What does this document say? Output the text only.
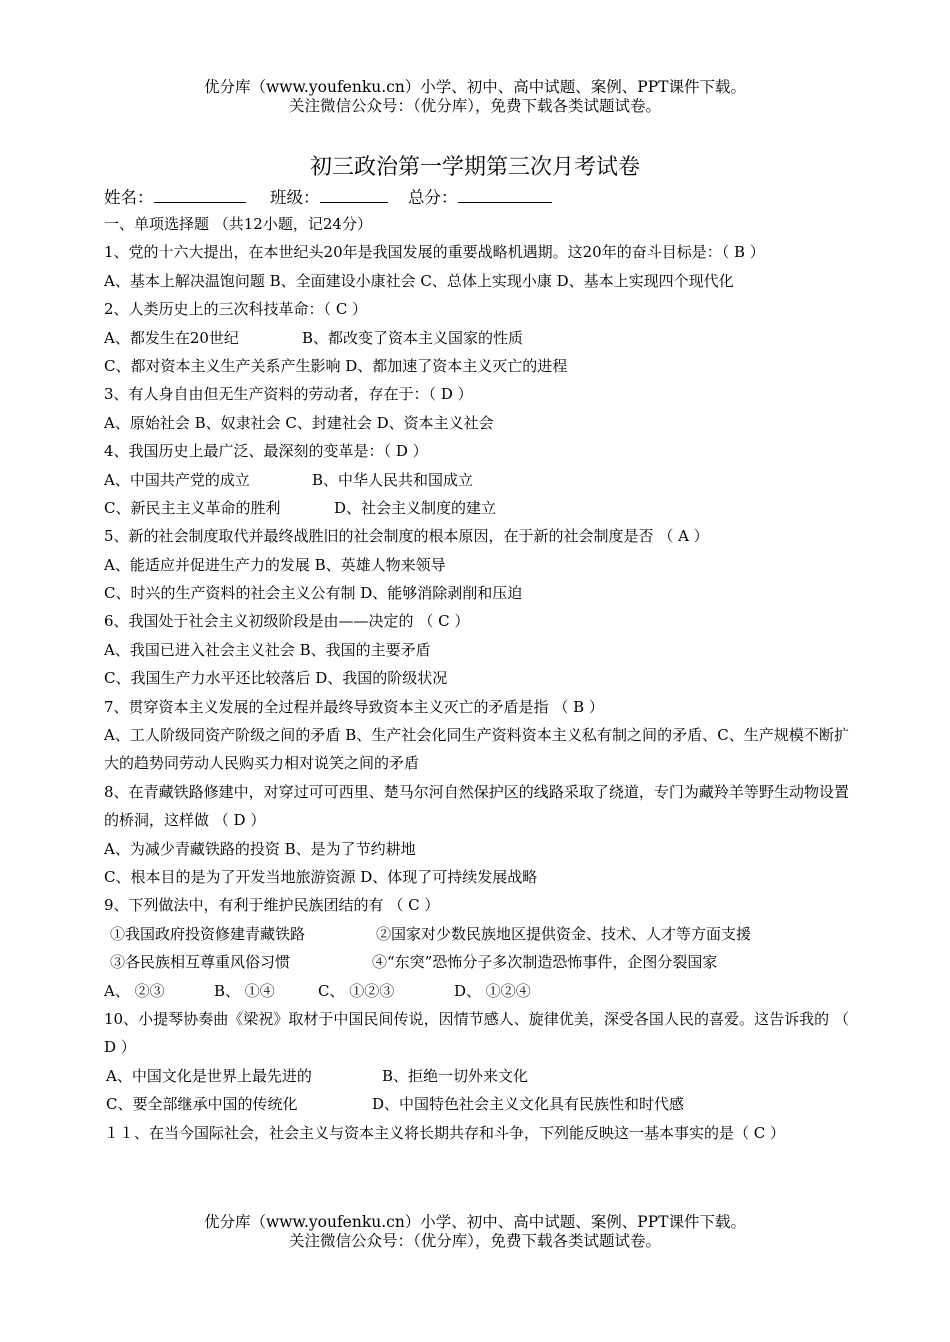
优分库（www.youfenku.cn）小学、初中、高中试题、案例、PPT课件下载。
关注微信公众号：（优分库），免费下载各类试题试卷。
初三政治第一学期第三次月考试卷
姓名：	班级：	总分：
一、单项选择题 （共12小题，记24分）
1、党的十六大提出，在本世纪头20年是我国发展的重要战略机遇期。这20年的奋斗目标是：（ B ）
A、基本上解决温饱问题 B、全面建设小康社会 C、总体上实现小康 D、基本上实现四个现代化
2、人类历史上的三次科技革命：（ C ）
A、都发生在20世纪	B、都改变了资本主义国家的性质
C、都对资本主义生产关系产生影响 D、都加速了资本主义灭亡的进程
3、有人身自由但无生产资料的劳动者，存在于：（ D ）
A、原始社会 B、奴隶社会 C、封建社会 D、资本主义社会
4、我国历史上最广泛、最深刻的变革是：（ D ）
A、中国共产党的成立	B、中华人民共和国成立
C、新民主主义革命的胜利	D、社会主义制度的建立
5、新的社会制度取代并最终战胜旧的社会制度的根本原因，在于新的社会制度是否 （ A ）
A、能适应并促进生产力的发展 B、英雄人物来领导
C、时兴的生产资料的社会主义公有制 D、能够消除剥削和压迫
6、我国处于社会主义初级阶段是由——决定的 （ C ）
A、我国已进入社会主义社会 B、我国的主要矛盾
C、我国生产力水平还比较落后 D、我国的阶级状况
7、贯穿资本主义发展的全过程并最终导致资本主义灭亡的矛盾是指 （ B ）
A、工人阶级同资产阶级之间的矛盾 B、生产社会化同生产资料资本主义私有制之间的矛盾、C、生产规模不断扩大的趋势同劳动人民购买力相对说笑之间的矛盾
8、在青藏铁路修建中，对穿过可可西里、楚马尔河自然保护区的线路采取了绕道，专门为藏羚羊等野生动物设置的桥洞，这样做 （ D ）
A、为减少青藏铁路的投资 B、是为了节约耕地
C、根本目的是为了开发当地旅游资源 D、体现了可持续发展战略
9、下列做法中，有利于维护民族团结的有 （ C ）
①我国政府投资修建青藏铁路	②国家对少数民族地区提供资金、技术、人才等方面支援
③各民族相互尊重风俗习惯	④“东突”恐怖分子多次制造恐怖事件，企图分裂国家
A、 ②③	B、 ①④	C、 ①②③	D、 ①②④
10、小提琴协奏曲《梁祝》取材于中国民间传说，因情节感人、旋律优美，深受各国人民的喜爱。这告诉我的 （ D ）
A、中国文化是世界上最先进的	B、拒绝一切外来文化
C、要全部继承中国的传统化	D、中国特色社会主义文化具有民族性和时代感
１１、在当今国际社会，社会主义与资本主义将长期共存和斗争，下列能反映这一基本事实的是（ C ）
优分库（www.youfenku.cn）小学、初中、高中试题、案例、PPT课件下载。
关注微信公众号：（优分库），免费下载各类试题试卷。
